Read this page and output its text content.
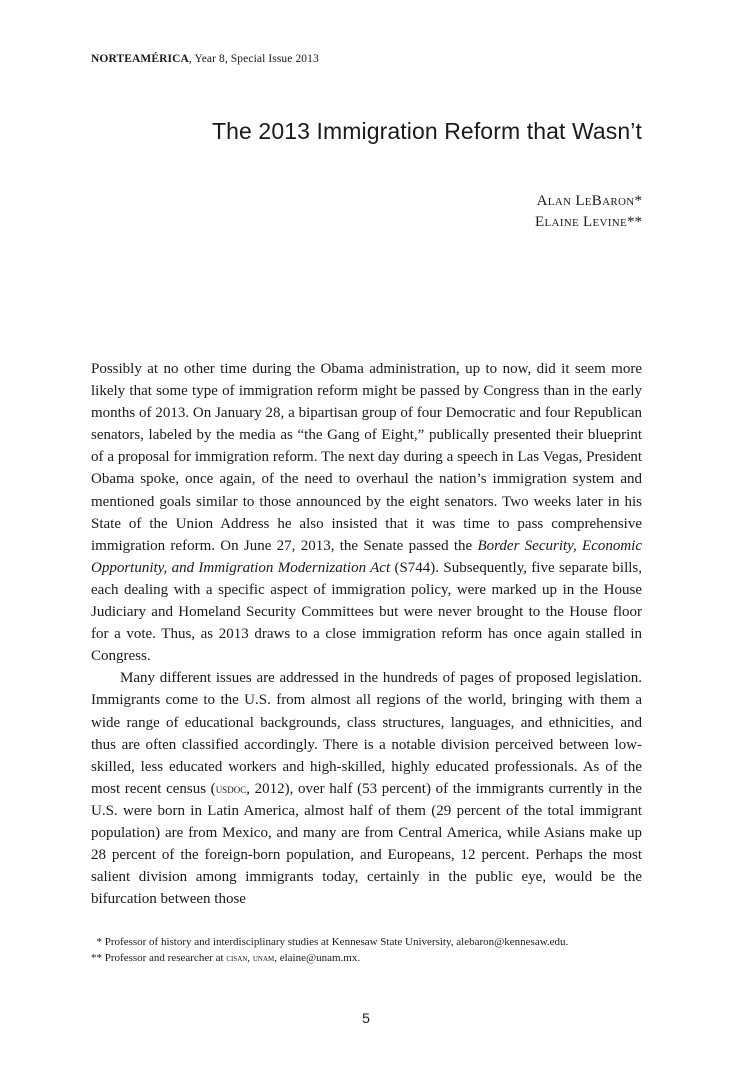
NORTEAMÉRICA, Year 8, Special Issue 2013
The 2013 Immigration Reform that Wasn’t
Alan LeBaron*
Elaine Levine**

Possibly at no other time during the Obama administration, up to now, did it seem more likely that some type of immigration reform might be passed by Congress than in the early months of 2013. On January 28, a bipartisan group of four Democratic and four Republican senators, labeled by the media as “the Gang of Eight,” publically presented their blueprint of a proposal for immigration reform. The next day during a speech in Las Vegas, President Obama spoke, once again, of the need to overhaul the nation’s immigration system and mentioned goals similar to those announced by the eight senators. Two weeks later in his State of the Union Address he also insisted that it was time to pass comprehensive immigration reform. On June 27, 2013, the Senate passed the Border Security, Economic Opportunity, and Immigration Modernization Act (S744). Subsequently, five separate bills, each dealing with a specific aspect of immigration policy, were marked up in the House Judiciary and Homeland Security Committees but were never brought to the House floor for a vote. Thus, as 2013 draws to a close immigration reform has once again stalled in Congress.

Many different issues are addressed in the hundreds of pages of proposed legislation. Immigrants come to the U.S. from almost all regions of the world, bringing with them a wide range of educational backgrounds, class structures, languages, and ethnicities, and thus are often classified accordingly. There is a notable division perceived between low-skilled, less educated workers and high-skilled, highly educated professionals. As of the most recent census (usdoc, 2012), over half (53 percent) of the immigrants currently in the U.S. were born in Latin America, almost half of them (29 percent of the total immigrant population) are from Mexico, and many are from Central America, while Asians make up 28 percent of the foreign-born population, and Europeans, 12 percent. Perhaps the most salient division among immigrants today, certainly in the public eye, would be the bifurcation between those

* Professor of history and interdisciplinary studies at Kennesaw State University, alebaron@kennesaw.edu.
** Professor and researcher at cisan, unam, elaine@unam.mx.
5
